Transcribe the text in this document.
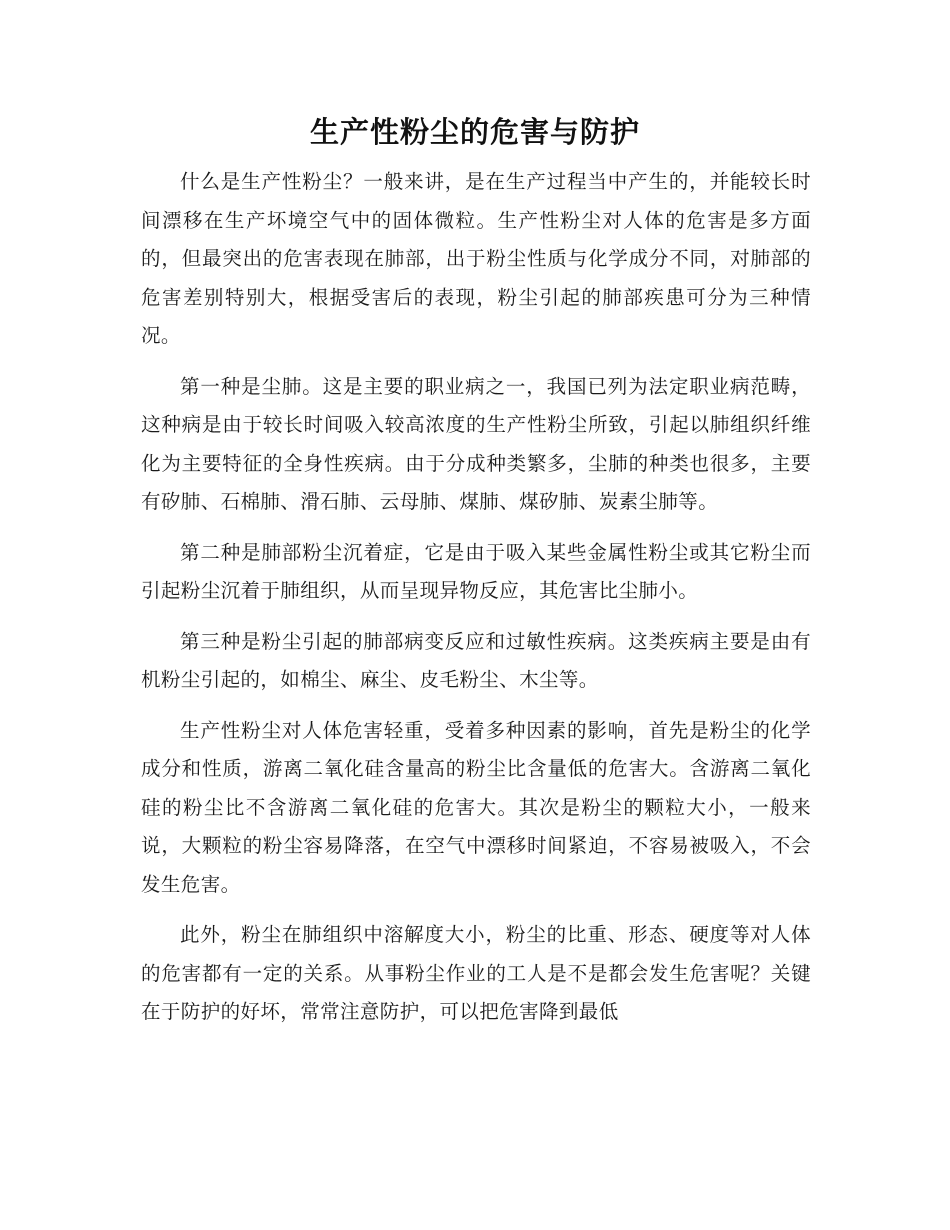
生产性粉尘的危害与防护

什么是生产性粉尘？一般来讲，是在生产过程当中产生的，并能较长时间漂移在生产坏境空气中的固体微粒。生产性粉尘对人体的危害是多方面的，但最突出的危害表现在肺部，出于粉尘性质与化学成分不同，对肺部的危害差别特别大，根据受害后的表现，粉尘引起的肺部疾患可分为三种情况。

第一种是尘肺。这是主要的职业病之一，我国已列为法定职业病范畴，这种病是由于较长时间吸入较高浓度的生产性粉尘所致，引起以肺组织纤维化为主要特征的全身性疾病。由于分成种类繁多，尘肺的种类也很多，主要有矽肺、石棉肺、滑石肺、云母肺、煤肺、煤矽肺、炭素尘肺等。

第二种是肺部粉尘沉着症，它是由于吸入某些金属性粉尘或其它粉尘而引起粉尘沉着于肺组织，从而呈现异物反应，其危害比尘肺小。

第三种是粉尘引起的肺部病变反应和过敏性疾病。这类疾病主要是由有机粉尘引起的，如棉尘、麻尘、皮毛粉尘、木尘等。

生产性粉尘对人体危害轻重，受着多种因素的影响，首先是粉尘的化学成分和性质，游离二氧化硅含量高的粉尘比含量低的危害大。含游离二氧化硅的粉尘比不含游离二氧化硅的危害大。其次是粉尘的颗粒大小，一般来说，大颗粒的粉尘容易降落，在空气中漂移时间紧迫，不容易被吸入，不会发生危害。

此外，粉尘在肺组织中溶解度大小，粉尘的比重、形态、硬度等对人体的危害都有一定的关系。从事粉尘作业的工人是不是都会发生危害呢？关键在于防护的好坏，常常注意防护，可以把危害降到最低
